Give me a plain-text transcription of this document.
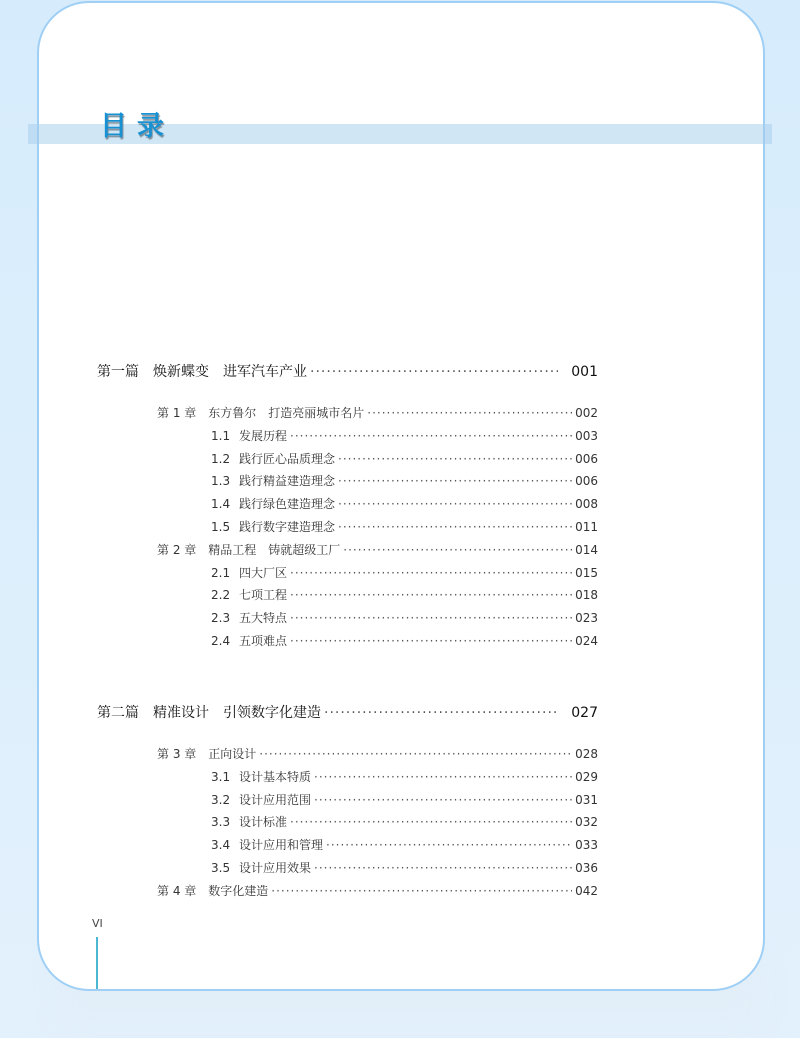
目录
第一篇 焕新蝶变　进军汽车产业 ·····	001
第 1 章 东方鲁尔　打造亮丽城市名片 ·····	002
1.1 发展历程 ·····	003
1.2 践行匠心品质理念 ·····	006
1.3 践行精益建造理念 ·····	006
1.4 践行绿色建造理念 ·····	008
1.5 践行数字建造理念 ·····	011
第 2 章 精品工程　铸就超级工厂 ·····	014
2.1 四大厂区 ·····	015
2.2 七项工程 ·····	018
2.3 五大特点 ·····	023
2.4 五项难点 ·····	024
第二篇 精准设计　引领数字化建造 ·····	027
第 3 章 正向设计 ·····	028
3.1 设计基本特质 ·····	029
3.2 设计应用范围 ·····	031
3.3 设计标准 ·····	032
3.4 设计应用和管理 ·····	033
3.5 设计应用效果 ·····	036
第 4 章 数字化建造 ·····	042
VI
